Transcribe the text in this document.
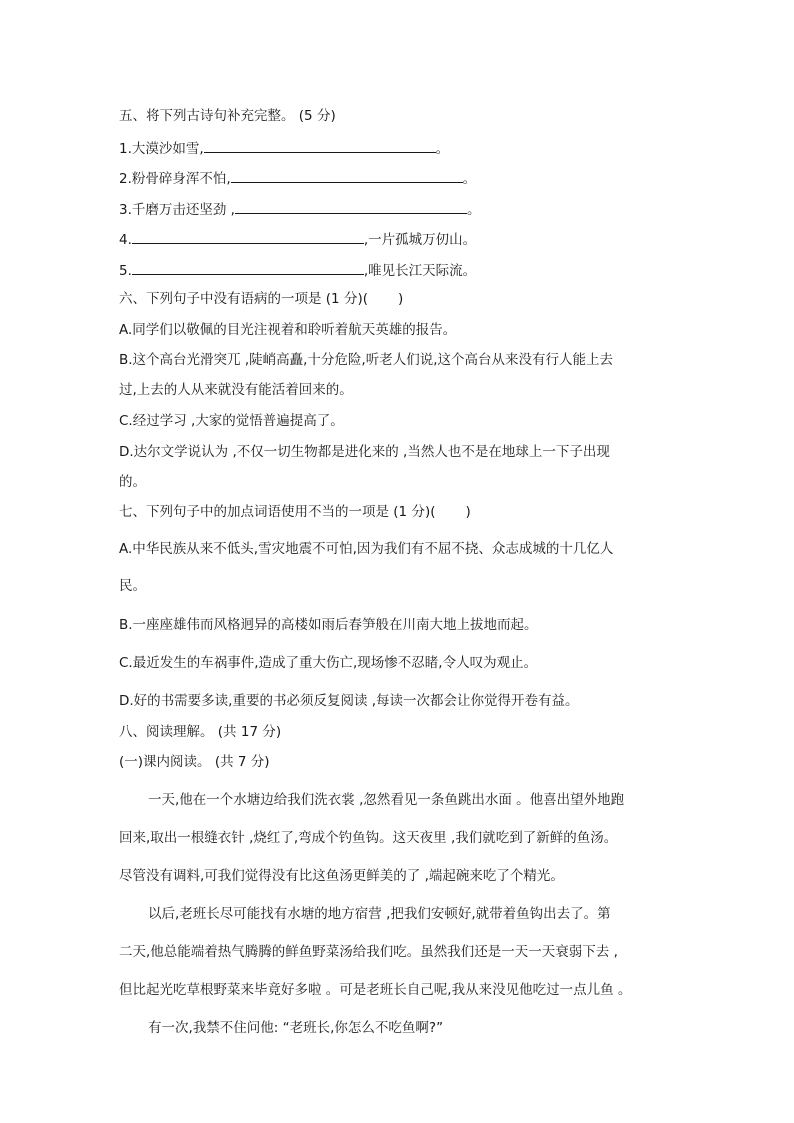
五、将下列古诗句补充完整。 (5 分)
1.大漠沙如雪,	。
2.粉骨碎身浑不怕,	。
3.千磨万击还坚劲 ,	。
4.	,一片孤城万仞山。
5.	,唯见长江天际流。
六、下列句子中没有语病的一项是 (1 分)( )
A.同学们以敬佩的目光注视着和聆听着航天英雄的报告。
B.这个高台光滑突兀 ,陡峭高矗,十分危险,听老人们说,这个高台从来没有行人能上去
过,上去的人从来就没有能活着回来的。
C.经过学习 ,大家的觉悟普遍提高了。
D.达尔文学说认为 ,不仅一切生物都是进化来的 ,当然人也不是在地球上一下子出现
的。
七、下列句子中的加点词语使用不当的一项是 (1 分)( )
A.中华民族从来不低头,雪灾地震不可怕,因为我们有不屈不挠、众志成城的十几亿人
民。
B.一座座雄伟而风格迥异的高楼如雨后春笋般在川南大地上拔地而起。
C.最近发生的车祸事件,造成了重大伤亡,现场惨不忍睹,令人叹为观止。
D.好的书需要多读,重要的书必须反复阅读 ,每读一次都会让你觉得开卷有益。
八、阅读理解。 (共 17 分)
(一)课内阅读。 (共 7 分)
一天,他在一个水塘边给我们洗衣裳 ,忽然看见一条鱼跳出水面 。他喜出望外地跑
回来,取出一根缝衣针 ,烧红了,弯成个钓鱼钩。这天夜里 ,我们就吃到了新鲜的鱼汤。
尽管没有调料,可我们觉得没有比这鱼汤更鲜美的了 ,端起碗来吃了个精光。
以后,老班长尽可能找有水塘的地方宿营 ,把我们安顿好,就带着鱼钩出去了。第
二天,他总能端着热气腾腾的鲜鱼野菜汤给我们吃。虽然我们还是一天一天衰弱下去 ,
但比起光吃草根野菜来毕竟好多啦 。可是老班长自己呢,我从来没见他吃过一点儿鱼 。
有一次,我禁不住问他: “老班长,你怎么不吃鱼啊?”
